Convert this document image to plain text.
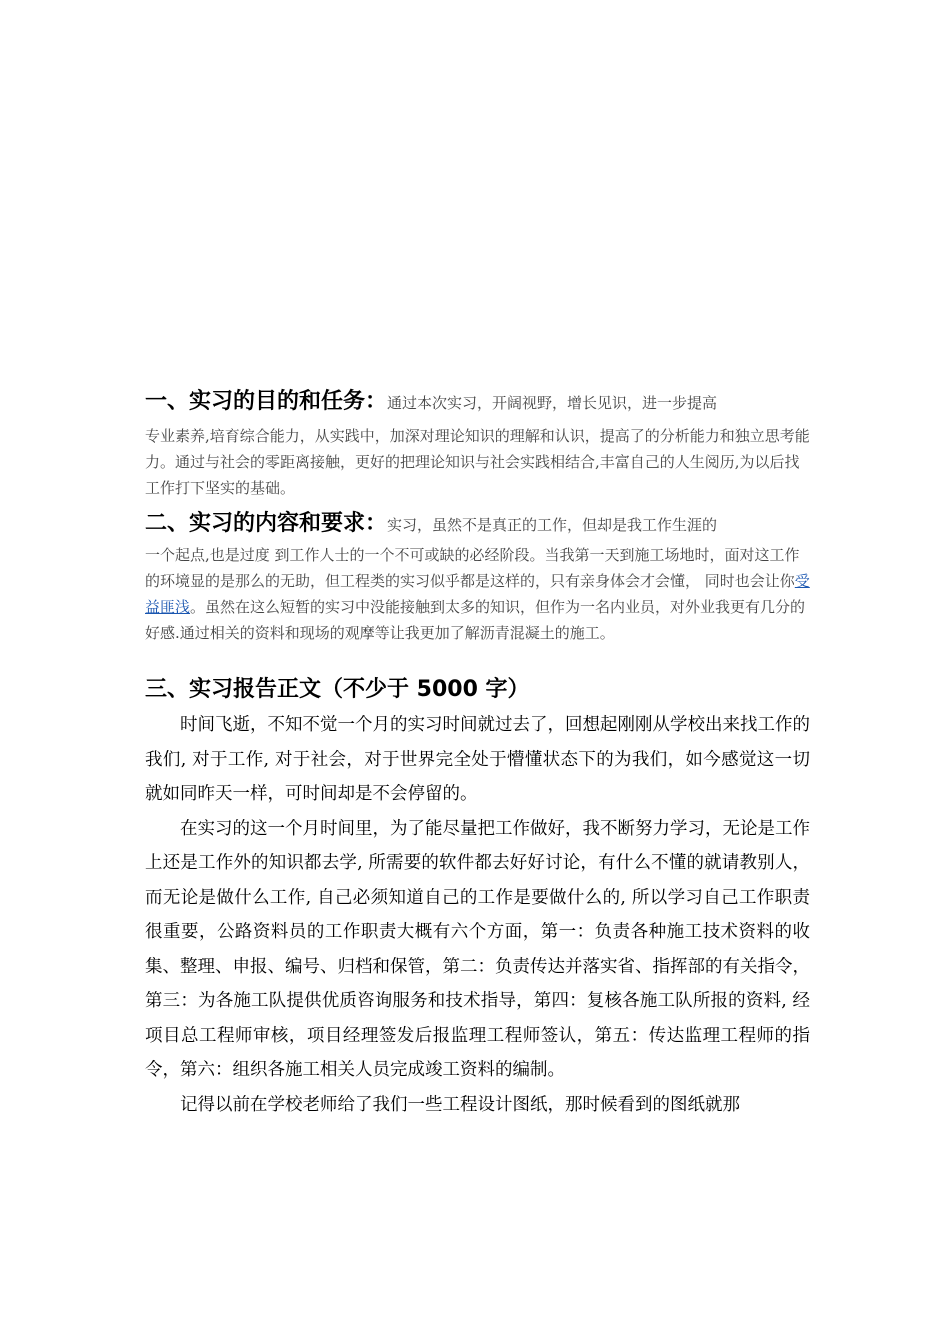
一、实习的目的和任务：通过本次实习，开阔视野，增长见识，进一步提高

专业素养,培育综合能力，从实践中，加深对理论知识的理解和认识，提高了的分析能力和独立思考能力。通过与社会的零距离接触，更好的把理论知识与社会实践相结合,丰富自己的人生阅历,为以后找工作打下坚实的基础。

二、实习的内容和要求：实习，虽然不是真正的工作，但却是我工作生涯的

一个起点,也是过度 到工作人士的一个不可或缺的必经阶段。当我第一天到施工场地时，面对这工作的环境显的是那么的无助，但工程类的实习似乎都是这样的，只有亲身体会才会懂， 同时也会让你受益匪浅。虽然在这么短暂的实习中没能接触到太多的知识，但作为一名内业员，对外业我更有几分的好感.通过相关的资料和现场的观摩等让我更加了解沥青混凝土的施工。

三、实习报告正文（不少于 5000 字）

时间飞逝，不知不觉一个月的实习时间就过去了，回想起刚刚从学校出来找工作的我们, 对于工作, 对于社会，对于世界完全处于懵懂状态下的为我们，如今感觉这一切就如同昨天一样，可时间却是不会停留的。

在实习的这一个月时间里，为了能尽量把工作做好，我不断努力学习，无论是工作上还是工作外的知识都去学, 所需要的软件都去好好讨论，有什么不懂的就请教别人，而无论是做什么工作, 自己必须知道自己的工作是要做什么的, 所以学习自己工作职责很重要，公路资料员的工作职责大概有六个方面，第一：负责各种施工技术资料的收集、整理、申报、编号、归档和保管，第二：负责传达并落实省、指挥部的有关指令，第三：为各施工队提供优质咨询服务和技术指导，第四：复核各施工队所报的资料, 经项目总工程师审核，项目经理签发后报监理工程师签认，第五：传达监理工程师的指令，第六：组织各施工相关人员完成竣工资料的编制。

记得以前在学校老师给了我们一些工程设计图纸，那时候看到的图纸就那
